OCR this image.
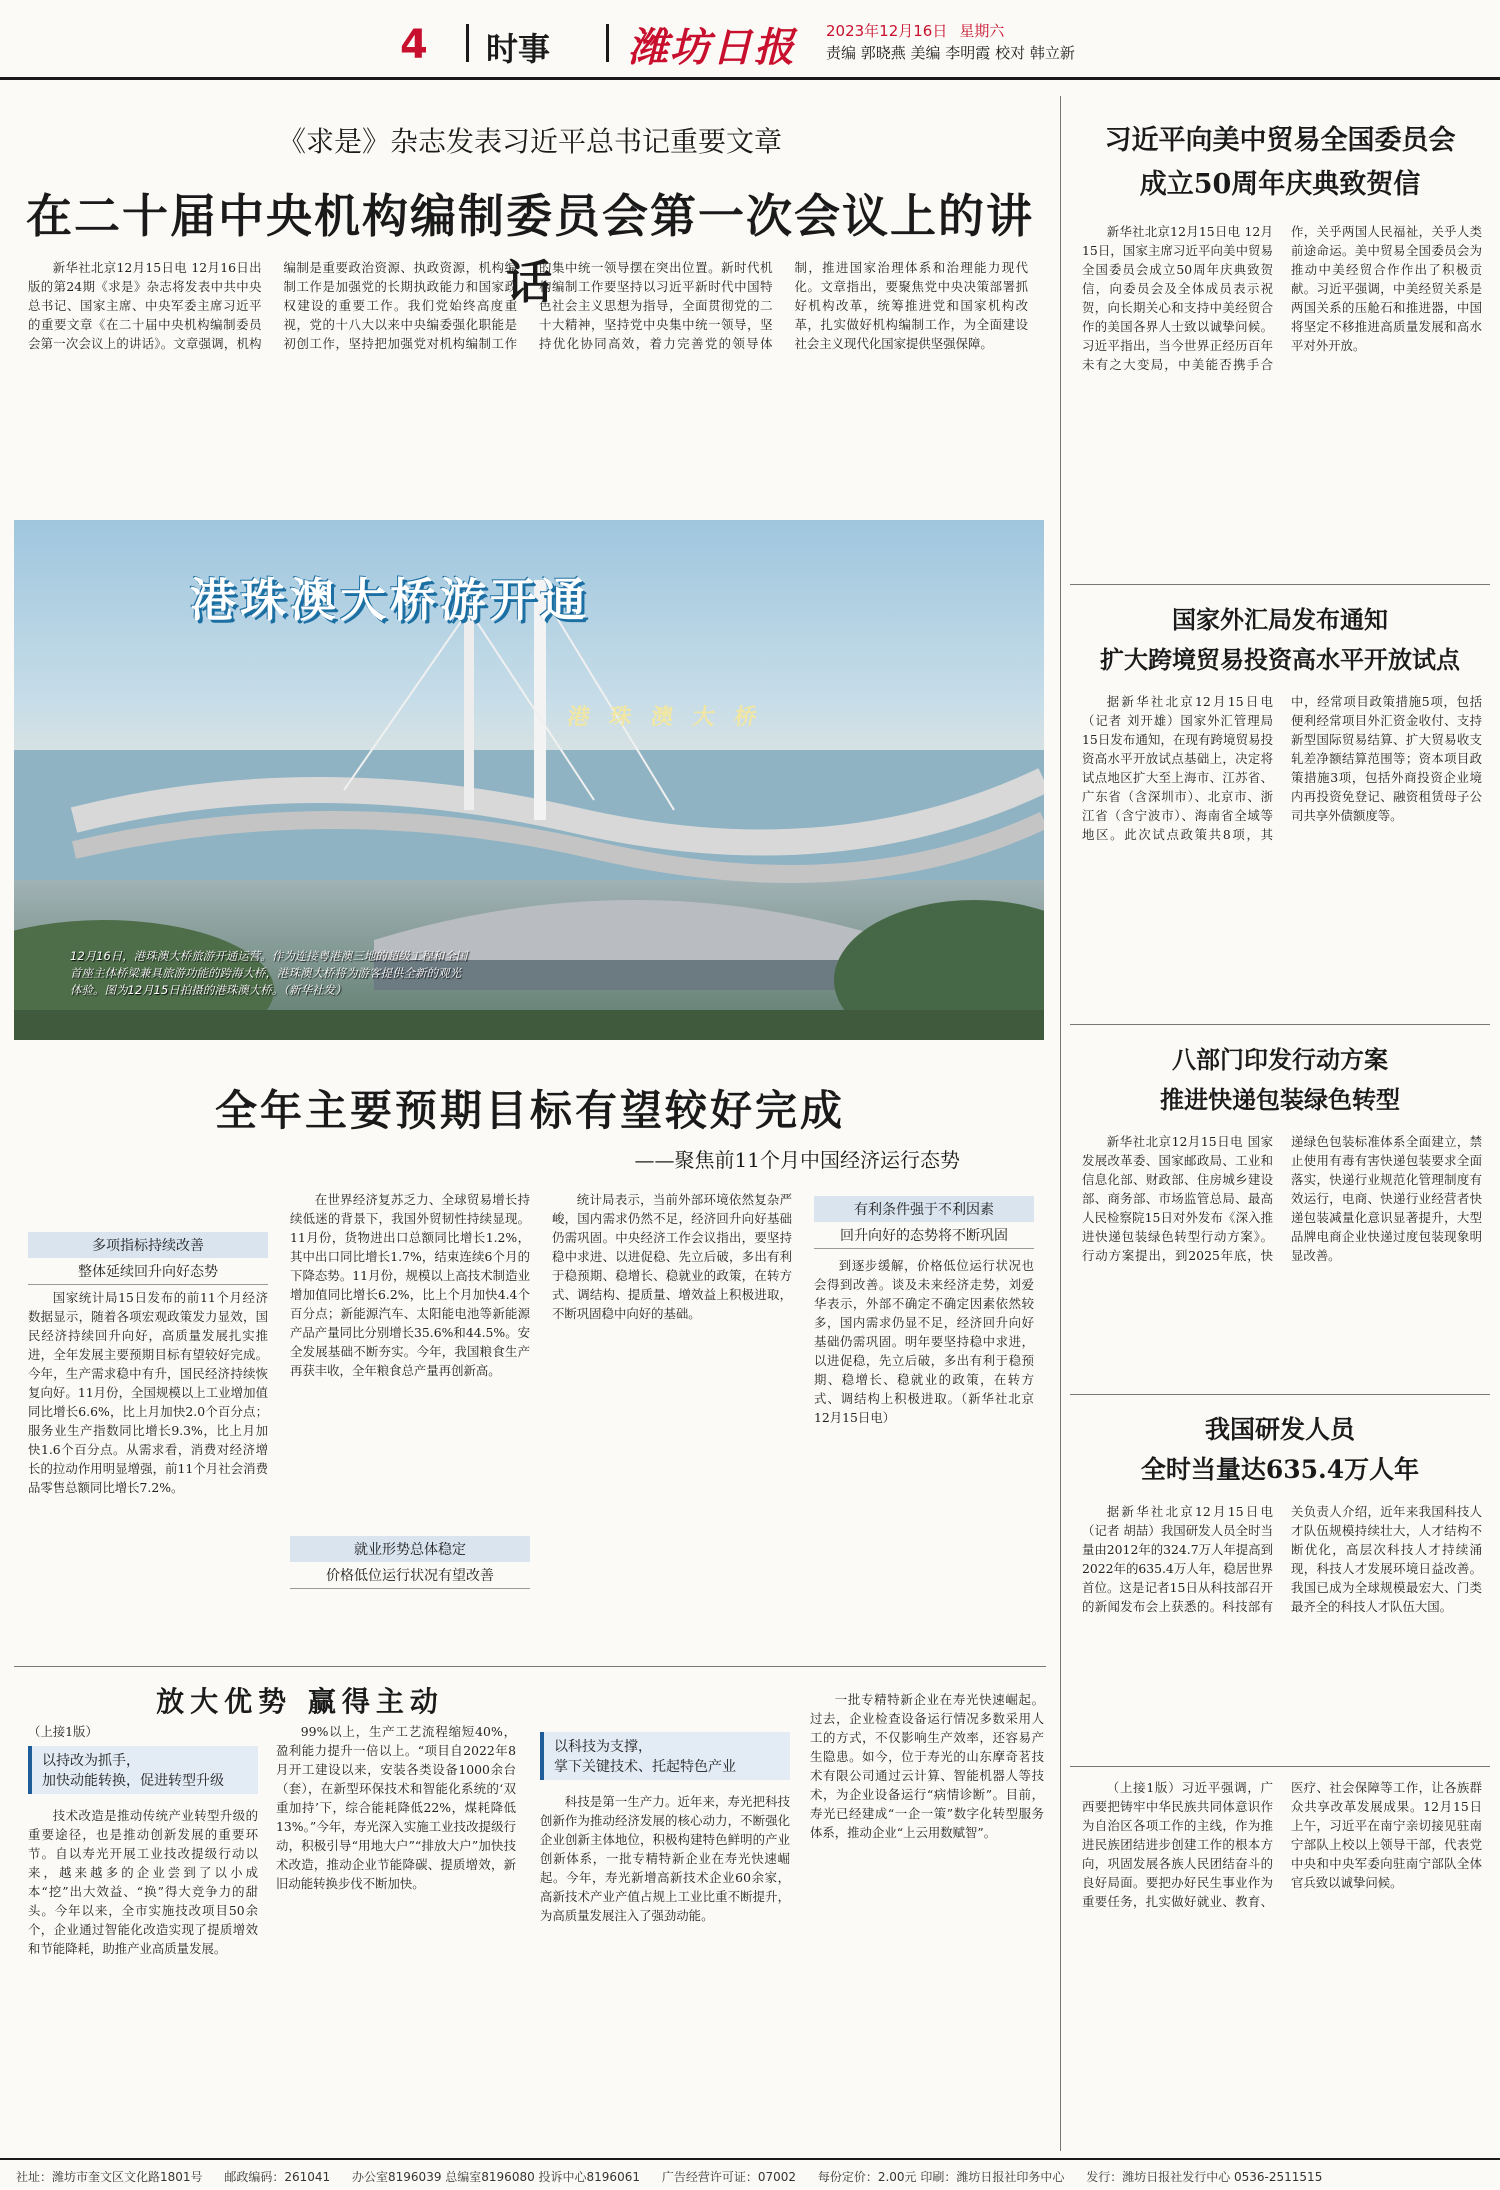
4 时事 潍坊日报 2023年12月16日 星期六
责编 郭晓燕 美编 李明霞 校对 韩立新
《求是》杂志发表习近平总书记重要文章
在二十届中央机构编制委员会第一次会议上的讲话

新华社北京12月15日电 12月16日出版的第24期《求是》杂志将发表中共中央总书记、国家主席、中央军委主席习近平的重要文章《在二十届中央机构编制委员会第一次会议上的讲话》。文章强调，机构编制是重要政治资源、执政资源，机构编制工作是加强党的长期执政能力和国家政权建设的重要工作。我们党始终高度重视，党的十八大以来中央编委强化职能是初创工作，坚持把加强党对机构编制工作的集中统一领导摆在突出位置。新时代机构编制工作要坚持以习近平新时代中国特色社会主义思想为指导，全面贯彻党的二十大精神，坚持党中央集中统一领导，坚持优化协同高效，着力完善党的领导体制，推进国家治理体系和治理能力现代化。文章指出，要聚焦党中央决策部署抓好机构改革，统筹推进党和国家机构改革，扎实做好机构编制工作，为全面建设社会主义现代化国家提供坚强保障。

港珠澳大桥游开通
港 珠 澳 大 桥
12月16日，港珠澳大桥旅游开通运营。作为连接粤港澳三地的超级工程和全国首座主体桥梁兼具旅游功能的跨海大桥，港珠澳大桥将为游客提供全新的观光体验。图为12月15日拍摄的港珠澳大桥。（新华社发）
全年主要预期目标有望较好完成
——聚焦前11个月中国经济运行态势
多项指标持续改善
整体延续回升向好态势

国家统计局15日发布的前11个月经济数据显示，随着各项宏观政策发力显效，国民经济持续回升向好，高质量发展扎实推进，全年发展主要预期目标有望较好完成。今年，生产需求稳中有升，国民经济持续恢复向好。11月份，全国规模以上工业增加值同比增长6.6%，比上月加快2.0个百分点；服务业生产指数同比增长9.3%，比上月加快1.6个百分点。从需求看，消费对经济增长的拉动作用明显增强，前11个月社会消费品零售总额同比增长7.2%。

在世界经济复苏乏力、全球贸易增长持续低迷的背景下，我国外贸韧性持续显现。11月份，货物进出口总额同比增长1.2%，其中出口同比增长1.7%，结束连续6个月的下降态势。11月份，规模以上高技术制造业增加值同比增长6.2%，比上个月加快4.4个百分点；新能源汽车、太阳能电池等新能源产品产量同比分别增长35.6%和44.5%。安全发展基础不断夯实。今年，我国粮食生产再获丰收，全年粮食总产量再创新高。

就业形势总体稳定
价格低位运行状况有望改善

统计局表示，当前外部环境依然复杂严峻，国内需求仍然不足，经济回升向好基础仍需巩固。中央经济工作会议指出，要坚持稳中求进、以进促稳、先立后破，多出有利于稳预期、稳增长、稳就业的政策，在转方式、调结构、提质量、增效益上积极进取，不断巩固稳中向好的基础。

有利条件强于不利因素
回升向好的态势将不断巩固

到逐步缓解，价格低位运行状况也会得到改善。谈及未来经济走势，刘爱华表示，外部不确定不确定因素依然较多，国内需求仍显不足，经济回升向好基础仍需巩固。明年要坚持稳中求进，以进促稳，先立后破，多出有利于稳预期、稳增长、稳就业的政策，在转方式、调结构上积极进取。（新华社北京12月15日电）

放大优势 赢得主动
（上接1版）
以持改为抓手，
加快动能转换，促进转型升级

技术改造是推动传统产业转型升级的重要途径，也是推动创新发展的重要环节。自以寿光开展工业技改提级行动以来，越来越多的企业尝到了以小成本“挖”出大效益、“换”得大竞争力的甜头。今年以来，全市实施技改项目50余个，企业通过智能化改造实现了提质增效和节能降耗，助推产业高质量发展。

99%以上，生产工艺流程缩短40%，盈利能力提升一倍以上。“项目自2022年8月开工建设以来，安装各类设备1000余台（套），在新型环保技术和智能化系统的‘双重加持’下，综合能耗降低22%，煤耗降低13%。”今年，寿光深入实施工业技改提级行动，积极引导“用地大户”“排放大户”加快技术改造，推动企业节能降碳、提质增效，新旧动能转换步伐不断加快。

以科技为支撑，
掌下关键技术、托起特色产业

科技是第一生产力。近年来，寿光把科技创新作为推动经济发展的核心动力，不断强化企业创新主体地位，积极构建特色鲜明的产业创新体系，一批专精特新企业在寿光快速崛起。今年，寿光新增高新技术企业60余家，高新技术产业产值占规上工业比重不断提升，为高质量发展注入了强劲动能。

一批专精特新企业在寿光快速崛起。过去，企业检查设备运行情况多数采用人工的方式，不仅影响生产效率，还容易产生隐患。如今，位于寿光的山东摩奇茗技术有限公司通过云计算、智能机器人等技术，为企业设备运行“病情诊断”。目前，寿光已经建成“一企一策”数字化转型服务体系，推动企业“上云用数赋智”。

习近平向美中贸易全国委员会
成立50周年庆典致贺信

新华社北京12月15日电 12月15日，国家主席习近平向美中贸易全国委员会成立50周年庆典致贺信，向委员会及全体成员表示祝贺，向长期关心和支持中美经贸合作的美国各界人士致以诚挚问候。习近平指出，当今世界正经历百年未有之大变局，中美能否携手合作，关乎两国人民福祉，关乎人类前途命运。美中贸易全国委员会为推动中美经贸合作作出了积极贡献。习近平强调，中美经贸关系是两国关系的压舱石和推进器，中国将坚定不移推进高质量发展和高水平对外开放。

国家外汇局发布通知
扩大跨境贸易投资高水平开放试点

据新华社北京12月15日电（记者 刘开雄）国家外汇管理局15日发布通知，在现有跨境贸易投资高水平开放试点基础上，决定将试点地区扩大至上海市、江苏省、广东省（含深圳市）、北京市、浙江省（含宁波市）、海南省全域等地区。此次试点政策共8项，其中，经常项目政策措施5项，包括便利经常项目外汇资金收付、支持新型国际贸易结算、扩大贸易收支轧差净额结算范围等；资本项目政策措施3项，包括外商投资企业境内再投资免登记、融资租赁母子公司共享外债额度等。

八部门印发行动方案
推进快递包装绿色转型

新华社北京12月15日电 国家发展改革委、国家邮政局、工业和信息化部、财政部、住房城乡建设部、商务部、市场监管总局、最高人民检察院15日对外发布《深入推进快递包装绿色转型行动方案》。行动方案提出，到2025年底，快递绿色包装标准体系全面建立，禁止使用有毒有害快递包装要求全面落实，快递行业规范化管理制度有效运行，电商、快递行业经营者快递包装减量化意识显著提升，大型品牌电商企业快递过度包装现象明显改善。

我国研发人员
全时当量达635.4万人年

据新华社北京12月15日电（记者 胡喆）我国研发人员全时当量由2012年的324.7万人年提高到2022年的635.4万人年，稳居世界首位。这是记者15日从科技部召开的新闻发布会上获悉的。科技部有关负责人介绍，近年来我国科技人才队伍规模持续壮大，人才结构不断优化，高层次科技人才持续涌现，科技人才发展环境日益改善。我国已成为全球规模最宏大、门类最齐全的科技人才队伍大国。

（上接1版）习近平强调，广西要把铸牢中华民族共同体意识作为自治区各项工作的主线，作为推进民族团结进步创建工作的根本方向，巩固发展各族人民团结奋斗的良好局面。要把办好民生事业作为重要任务，扎实做好就业、教育、医疗、社会保障等工作，让各族群众共享改革发展成果。12月15日上午，习近平在南宁亲切接见驻南宁部队上校以上领导干部，代表党中央和中央军委向驻南宁部队全体官兵致以诚挚问候。

社址：潍坊市奎文区文化路1801号 邮政编码：261041 办公室8196039 总编室8196080 投诉中心8196061 广告经营许可证：07002 每份定价：2.00元 印刷：潍坊日报社印务中心 发行：潍坊日报社发行中心 0536-2511515
